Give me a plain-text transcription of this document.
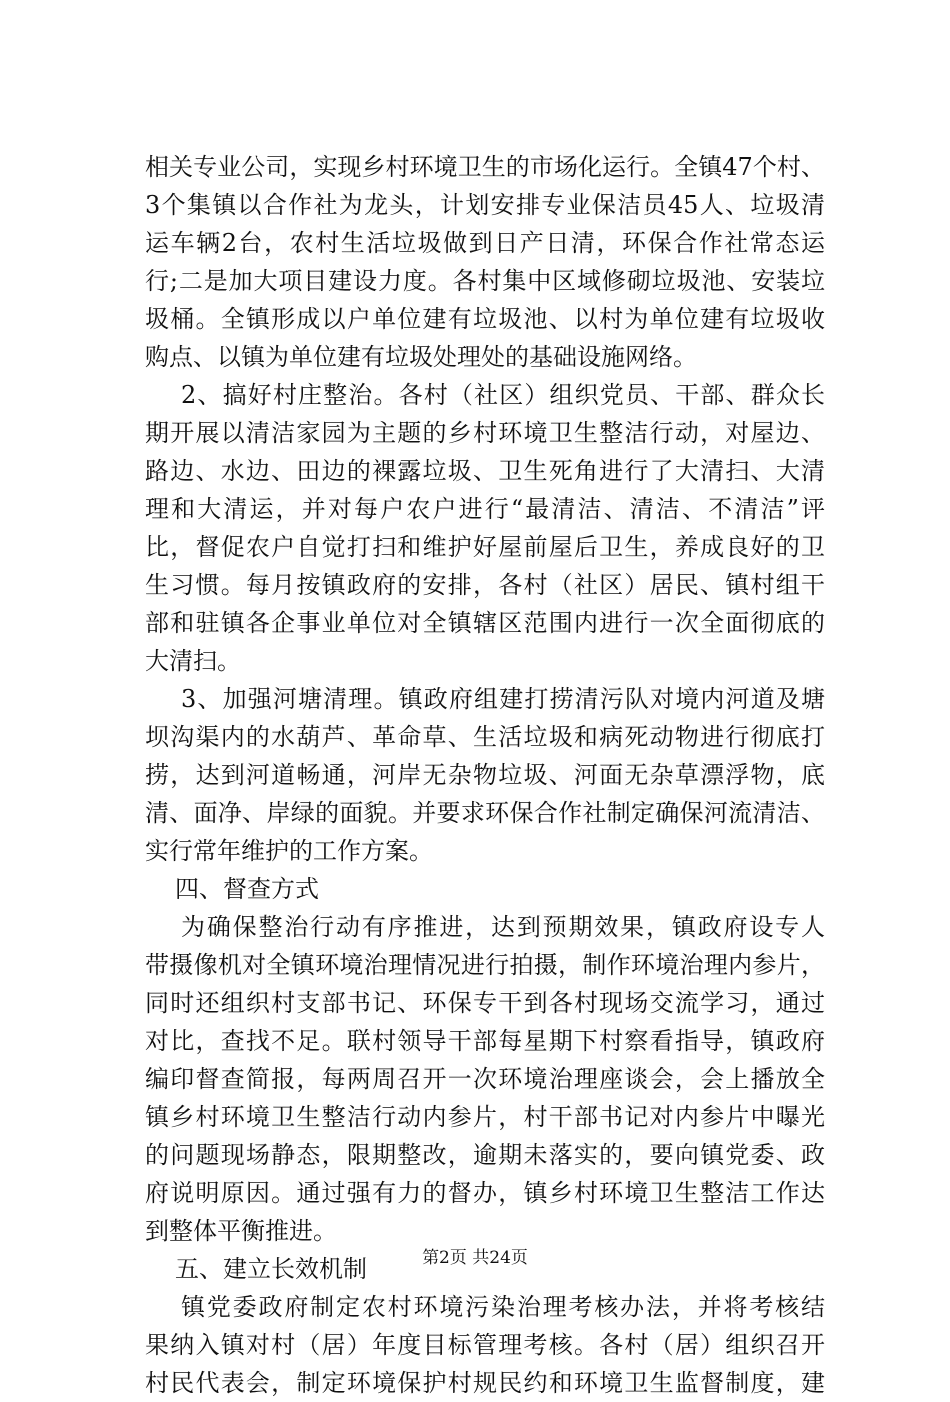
相关专业公司，实现乡村环境卫生的市场化运行。全镇47个村、
3个集镇以合作社为龙头，计划安排专业保洁员45人、垃圾清
运车辆2台，农村生活垃圾做到日产日清，环保合作社常态运
行;二是加大项目建设力度。各村集中区域修砌垃圾池、安装垃
圾桶。全镇形成以户单位建有垃圾池、以村为单位建有垃圾收
购点、以镇为单位建有垃圾处理处的基础设施网络。
2、搞好村庄整治。各村（社区）组织党员、干部、群众长
期开展以清洁家园为主题的乡村环境卫生整洁行动，对屋边、
路边、水边、田边的裸露垃圾、卫生死角进行了大清扫、大清
理和大清运，并对每户农户进行“最清洁、清洁、不清洁”评
比，督促农户自觉打扫和维护好屋前屋后卫生，养成良好的卫
生习惯。每月按镇政府的安排，各村（社区）居民、镇村组干
部和驻镇各企事业单位对全镇辖区范围内进行一次全面彻底的
大清扫。
3、加强河塘清理。镇政府组建打捞清污队对境内河道及塘
坝沟渠内的水葫芦、革命草、生活垃圾和病死动物进行彻底打
捞，达到河道畅通，河岸无杂物垃圾、河面无杂草漂浮物，底
清、面净、岸绿的面貌。并要求环保合作社制定确保河流清洁、
实行常年维护的工作方案。
四、督查方式
为确保整治行动有序推进，达到预期效果，镇政府设专人
带摄像机对全镇环境治理情况进行拍摄，制作环境治理内参片，
同时还组织村支部书记、环保专干到各村现场交流学习，通过
对比，查找不足。联村领导干部每星期下村察看指导，镇政府
编印督查简报，每两周召开一次环境治理座谈会，会上播放全
镇乡村环境卫生整洁行动内参片，村干部书记对内参片中曝光
的问题现场静态，限期整改，逾期未落实的，要向镇党委、政
府说明原因。通过强有力的督办，镇乡村环境卫生整洁工作达
到整体平衡推进。
五、建立长效机制
镇党委政府制定农村环境污染治理考核办法，并将考核结
果纳入镇对村（居）年度目标管理考核。各村（居）组织召开
村民代表会，制定环境保护村规民约和环境卫生监督制度，建
第2页 共24页
